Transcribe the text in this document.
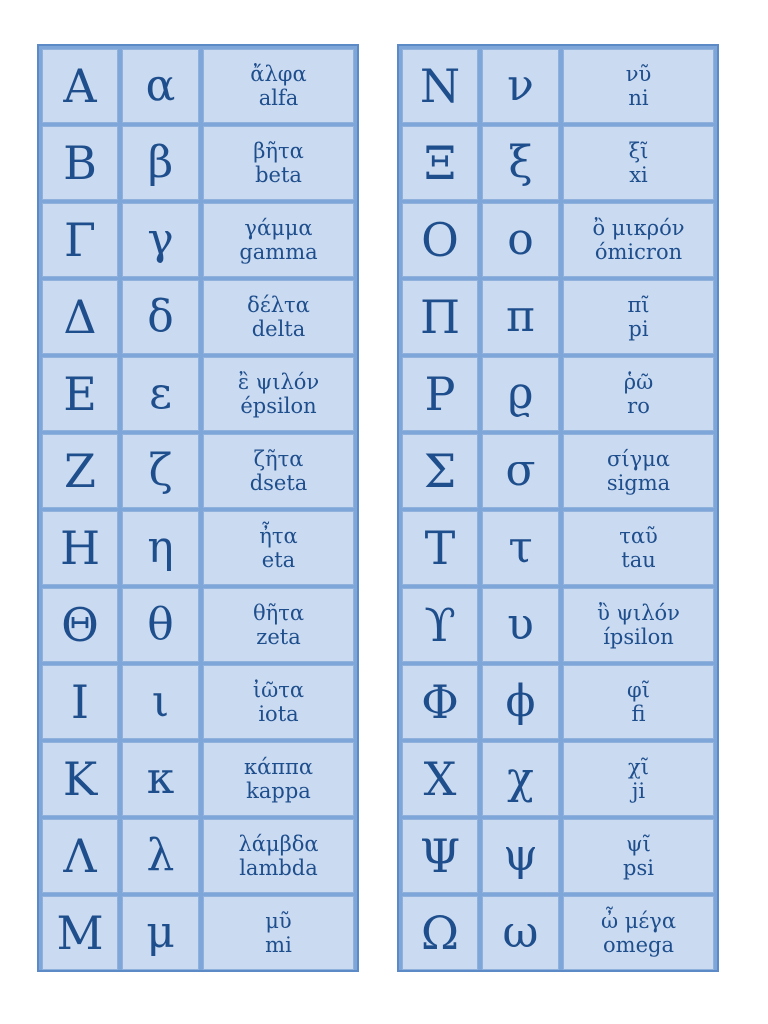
Α	α	ἄλφα
alfa
Β	β	βῆτα
beta
Γ	γ	γάμμα
gamma
Δ	δ	δέλτα
delta
Ε	ε	ἒ ψιλόν
épsilon
Ζ	ζ	ζῆτα
dseta
Η	η	ἦτα
eta
Θ	θ	θῆτα
zeta
Ι	ι	ἰῶτα
iota
Κ	κ	κάππα
kappa
Λ	λ	λάμβδα
lambda
Μ μ	μῦ
mi
Ν	ν	νῦ
ni
Ξ	ξ	ξῖ
xi
Ο	ο	ὂ μικρόν
ómicron
Π	π	πῖ
pi
Ρ	ϱ	ῥῶ
ro
Σ	σ	σίγμα
sigma
Τ	τ	ταῦ
tau
ϒ	υ	ὒ ψιλόν
ípsilon
Φ	ϕ	φῖ
fi
Χ	χ	χῖ
ji
Ψ ψ	ψῖ
psi
Ω ω	ὦ μέγα
omega
